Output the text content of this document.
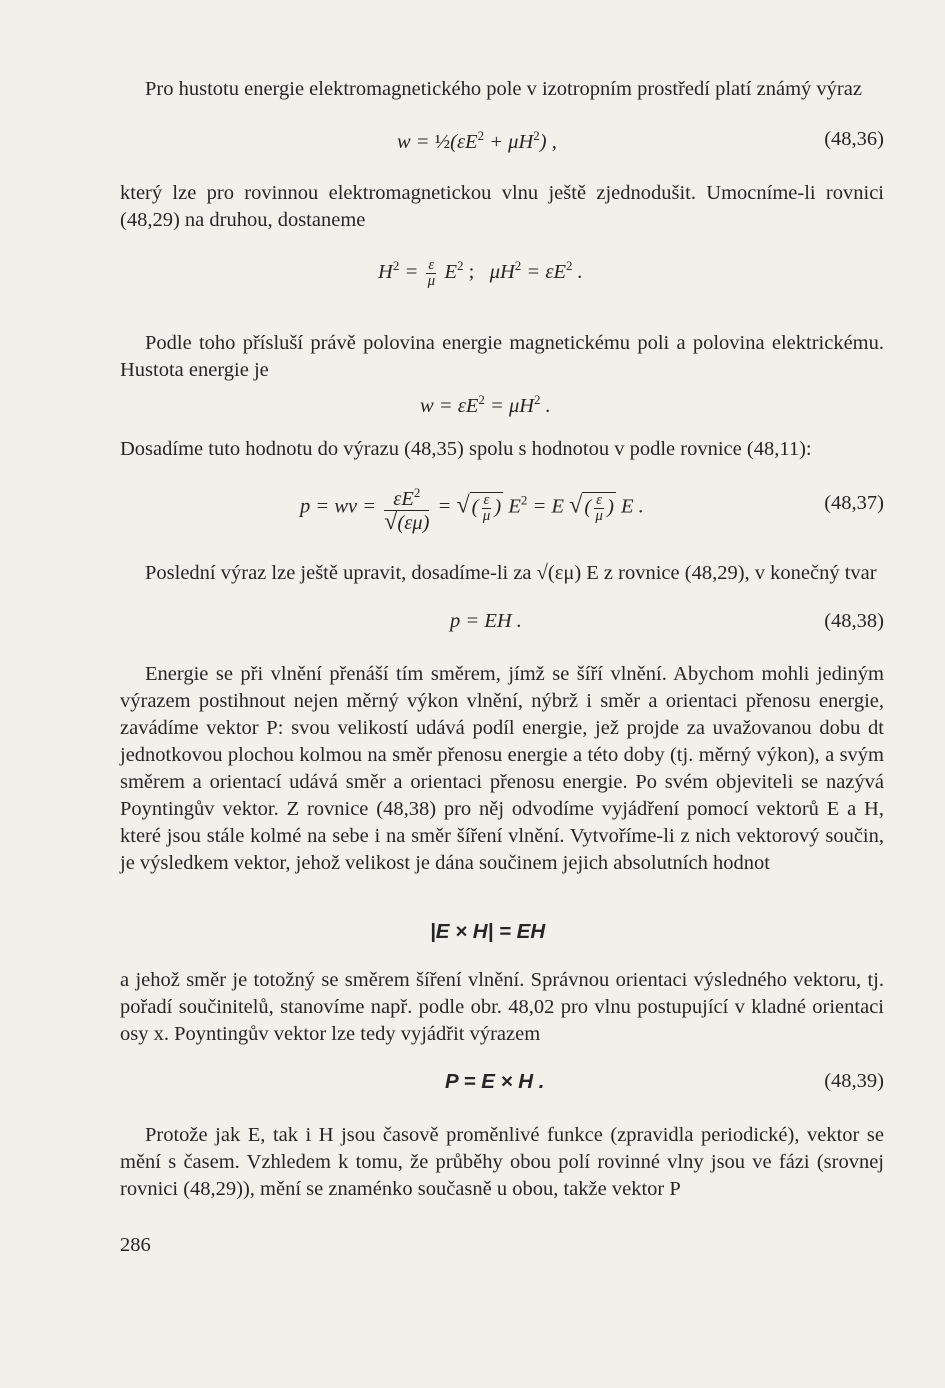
Pro hustotu energie elektromagnetického pole v izotropním prostředí platí známý výraz

$w = \frac{1}{2}(\varepsilon E^2 + \mu H^2)$ ,	(48,36)

který lze pro rovinnou elektromagnetickou vlnu ještě zjednodušit. Umocníme-li rovnici (48,29) na druhou, dostaneme

$H^2 = \frac{\varepsilon}{\mu} E^2$ ;   $\mu H^2 = \varepsilon E^2$ .

Podle toho přísluší právě polovina energie magnetickému poli a polovina elektrickému. Hustota energie je

$w = \varepsilon E^2 = \mu H^2$ .

Dosadíme tuto hodnotu do výrazu (48,35) spolu s hodnotou v podle rovnice (48,11):

p = wv = $\frac{\varepsilon E^2}{√(\varepsilon\mu)}$ = √( $\frac{\varepsilon}{\mu}$ ) $E^2 = E$ √( $\frac{\varepsilon}{\mu}$ ) E .	(48,37)

Poslední výraz lze ještě upravit, dosadíme-li za √(εμ) E z rovnice (48,29), v konečný tvar

p = EH .	(48,38)

Energie se při vlnění přenáší tím směrem, jímž se šíří vlnění. Abychom mohli jediným výrazem postihnout nejen měrný výkon vlnění, nýbrž i směr a orientaci přenosu energie, zavádíme vektor P: svou velikostí udává podíl energie, jež projde za uvažovanou dobu dt jednotkovou plochou kolmou na směr přenosu energie a této doby (tj. měrný výkon), a svým směrem a orientací udává směr a orientaci přenosu energie. Po svém objeviteli se nazývá Poyntingův vektor. Z rovnice (48,38) pro něj odvodíme vyjádření pomocí vektorů E a H, které jsou stále kolmé na sebe i na směr šíření vlnění. Vytvoříme-li z nich vektorový součin, je výsledkem vektor, jehož velikost je dána součinem jejich absolutních hodnot

|E × H| = EH

a jehož směr je totožný se směrem šíření vlnění. Správnou orientaci výsledného vektoru, tj. pořadí součinitelů, stanovíme např. podle obr. 48,02 pro vlnu postupující v kladné orientaci osy x. Poyntingův vektor lze tedy vyjádřit výrazem

P = E × H .	(48,39)

Protože jak E, tak i H jsou časově proměnlivé funkce (zpravidla periodické), vektor se mění s časem. Vzhledem k tomu, že průběhy obou polí rovinné vlny jsou ve fázi (srovnej rovnici (48,29)), mění se znaménko současně u obou, takže vektor P

286
